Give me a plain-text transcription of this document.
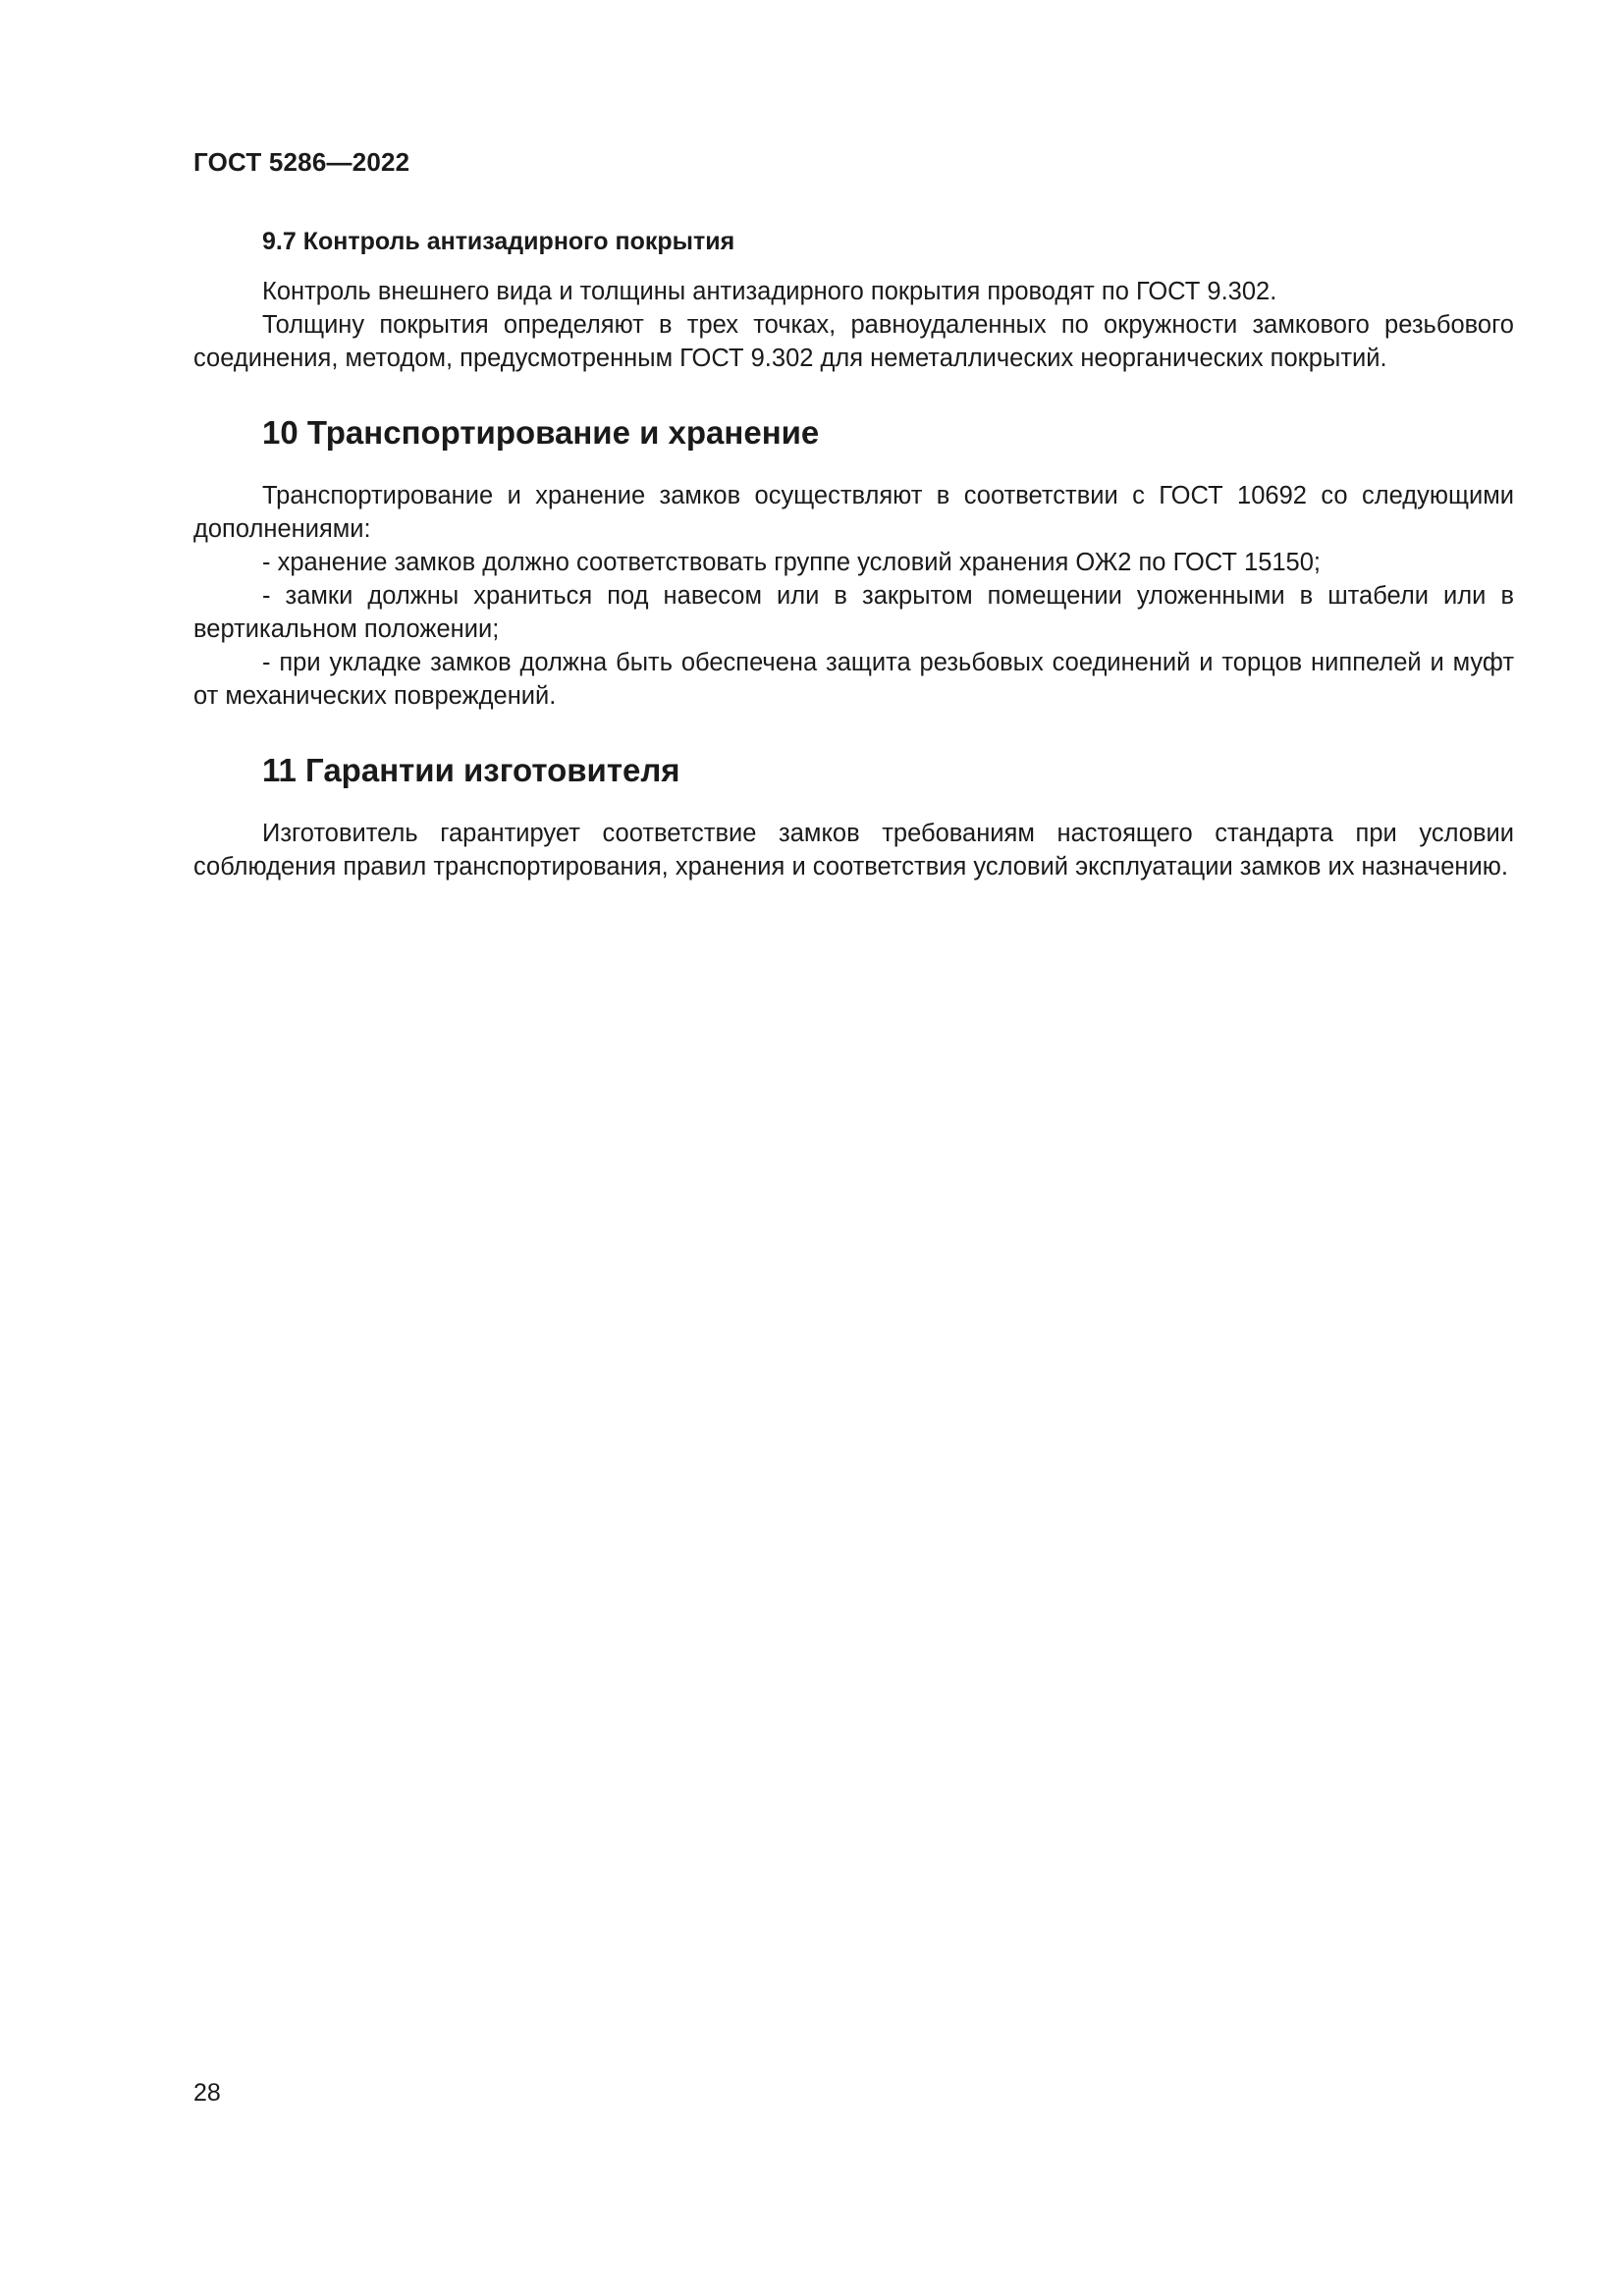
ГОСТ 5286—2022
9.7 Контроль антизадирного покрытия

Контроль внешнего вида и толщины антизадирного покрытия проводят по ГОСТ 9.302.

Толщину покрытия определяют в трех точках, равноудаленных по окружности замкового резьбового соединения, методом, предусмотренным ГОСТ 9.302 для неметаллических неорганических покрытий.

10 Транспортирование и хранение

Транспортирование и хранение замков осуществляют в соответствии с ГОСТ 10692 со следующими дополнениями:

- хранение замков должно соответствовать группе условий хранения ОЖ2 по ГОСТ 15150;

- замки должны храниться под навесом или в закрытом помещении уложенными в штабели или в вертикальном положении;

- при укладке замков должна быть обеспечена защита резьбовых соединений и торцов ниппелей и муфт от механических повреждений.

11 Гарантии изготовителя

Изготовитель гарантирует соответствие замков требованиям настоящего стандарта при условии соблюдения правил транспортирования, хранения и соответствия условий эксплуатации замков их назначению.

28
